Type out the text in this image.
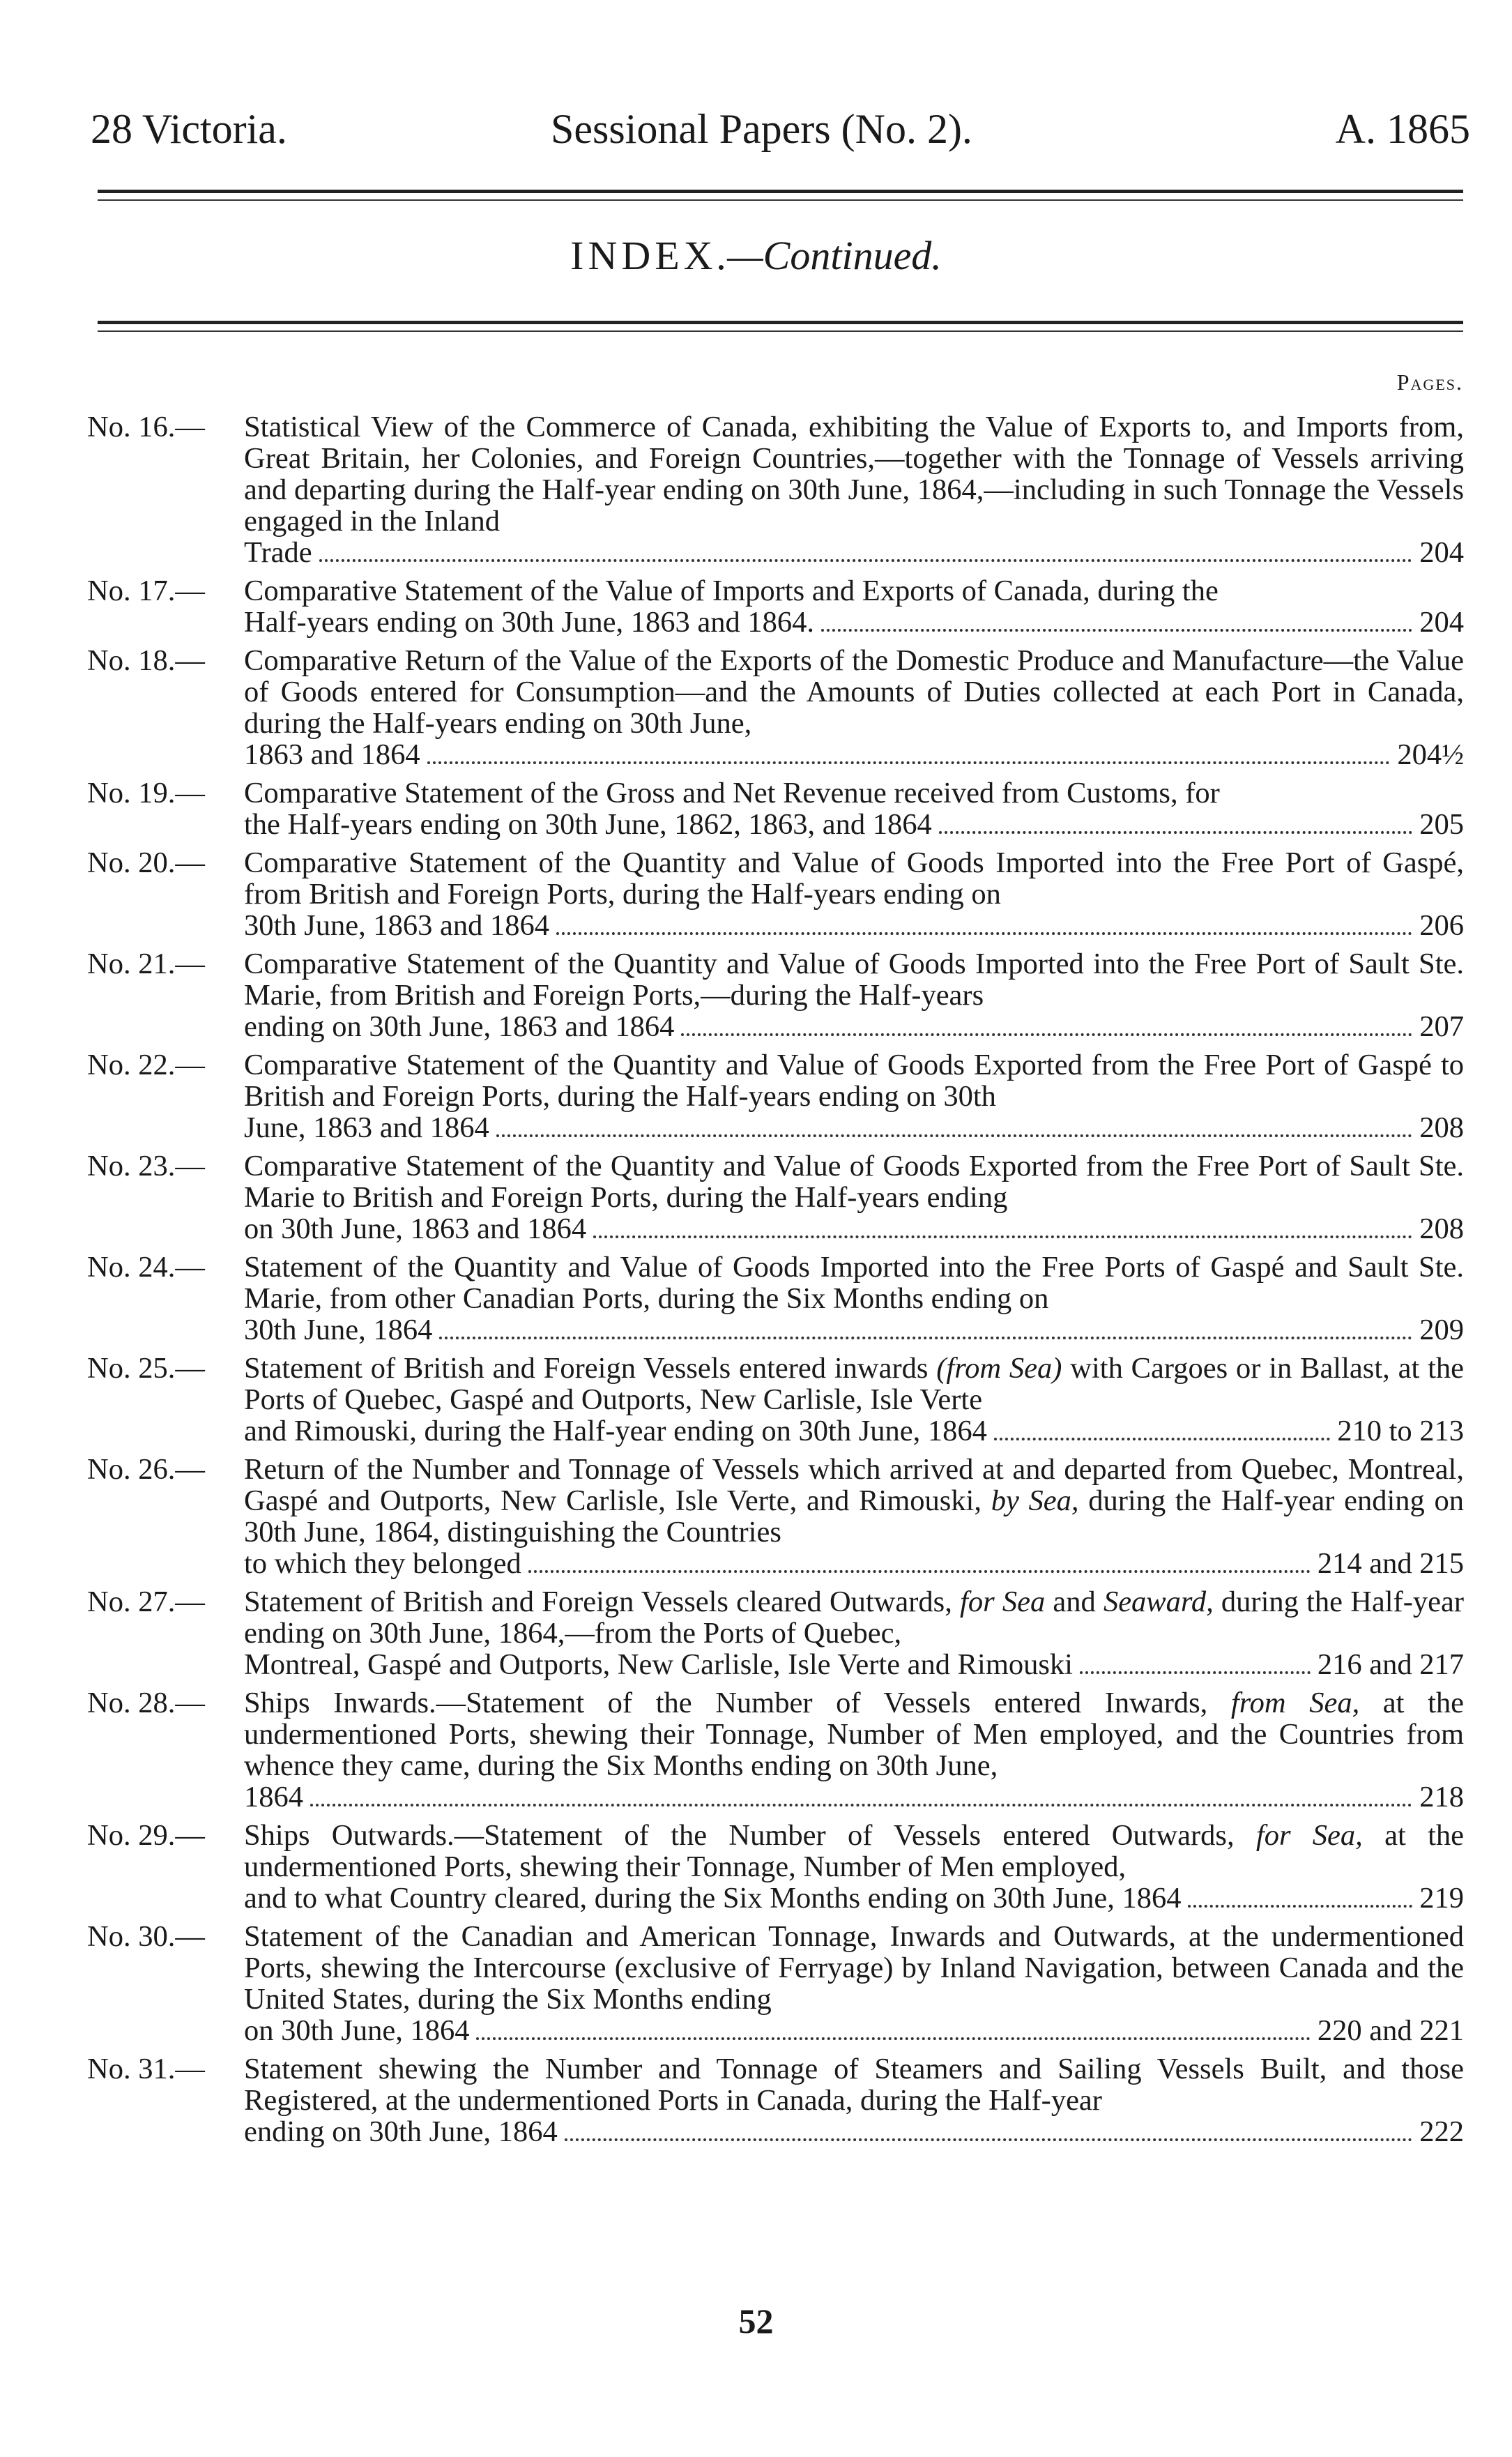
28 Victoria.	Sessional Papers (No. 2).	A. 1865
INDEX.—Continued.
Pages.
No. 16.—	Statistical View of the Commerce of Canada, exhibiting the Value of Exports to, and Imports from, Great Britain, her Colonies, and Foreign Countries,—together with the Tonnage of Vessels arriving and departing during the Half-year ending on 30th June, 1864,—including in such Tonnage the Vessels engaged in the Inland
Trade	204
No. 17.—	Comparative Statement of the Value of Imports and Exports of Canada, during the
Half-years ending on 30th June, 1863 and 1864.	204
No. 18.—	Comparative Return of the Value of the Exports of the Domestic Produce and Manufacture—the Value of Goods entered for Consumption—and the Amounts of Duties collected at each Port in Canada, during the Half-years ending on 30th June,
1863 and 1864	204½
No. 19.—	Comparative Statement of the Gross and Net Revenue received from Customs, for
the Half-years ending on 30th June, 1862, 1863, and 1864	205
No. 20.—	Comparative Statement of the Quantity and Value of Goods Imported into the Free Port of Gaspé, from British and Foreign Ports, during the Half-years ending on
30th June, 1863 and 1864	206
No. 21.—	Comparative Statement of the Quantity and Value of Goods Imported into the Free Port of Sault Ste. Marie, from British and Foreign Ports,—during the Half-years
ending on 30th June, 1863 and 1864	207
No. 22.—	Comparative Statement of the Quantity and Value of Goods Exported from the Free Port of Gaspé to British and Foreign Ports, during the Half-years ending on 30th
June, 1863 and 1864	208
No. 23.—	Comparative Statement of the Quantity and Value of Goods Exported from the Free Port of Sault Ste. Marie to British and Foreign Ports, during the Half-years ending
on 30th June, 1863 and 1864	208
No. 24.—	Statement of the Quantity and Value of Goods Imported into the Free Ports of Gaspé and Sault Ste. Marie, from other Canadian Ports, during the Six Months ending on
30th June, 1864	209
No. 25.—	Statement of British and Foreign Vessels entered inwards (from Sea) with Cargoes or in Ballast, at the Ports of Quebec, Gaspé and Outports, New Carlisle, Isle Verte
and Rimouski, during the Half-year ending on 30th June, 1864	210 to 213
No. 26.—	Return of the Number and Tonnage of Vessels which arrived at and departed from Quebec, Montreal, Gaspé and Outports, New Carlisle, Isle Verte, and Rimouski, by Sea, during the Half-year ending on 30th June, 1864, distinguishing the Countries
to which they belonged	214 and 215
No. 27.—	Statement of British and Foreign Vessels cleared Outwards, for Sea and Seaward, during the Half-year ending on 30th June, 1864,—from the Ports of Quebec,
Montreal, Gaspé and Outports, New Carlisle, Isle Verte and Rimouski	216 and 217
No. 28.—	Ships Inwards.—Statement of the Number of Vessels entered Inwards, from Sea, at the undermentioned Ports, shewing their Tonnage, Number of Men employed, and the Countries from whence they came, during the Six Months ending on 30th June,
1864	218
No. 29.—	Ships Outwards.—Statement of the Number of Vessels entered Outwards, for Sea, at the undermentioned Ports, shewing their Tonnage, Number of Men employed,
and to what Country cleared, during the Six Months ending on 30th June, 1864	219
No. 30.—	Statement of the Canadian and American Tonnage, Inwards and Outwards, at the undermentioned Ports, shewing the Intercourse (exclusive of Ferryage) by Inland Navigation, between Canada and the United States, during the Six Months ending
on 30th June, 1864	220 and 221
No. 31.—	Statement shewing the Number and Tonnage of Steamers and Sailing Vessels Built, and those Registered, at the undermentioned Ports in Canada, during the Half-year
ending on 30th June, 1864	222
52
